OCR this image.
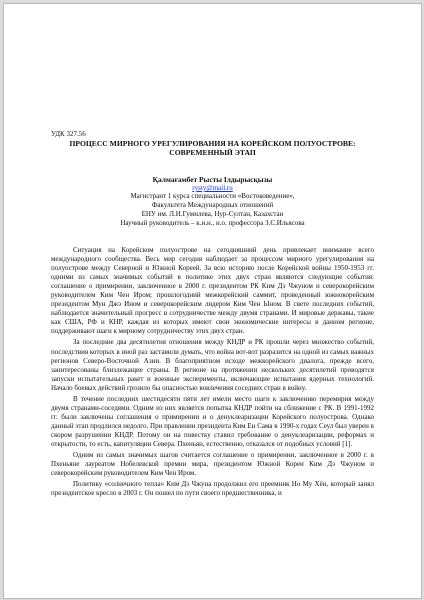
УДК 327.56
ПРОЦЕСС МИРНОГО УРЕГУЛИРОВАНИЯ НА КОРЕЙСКОМ ПОЛУОСТРОВЕ:
СОВРЕМЕННЫЙ ЭТАП
Қалмағамбет Рысты Ілдырысқызы
rysty@mail.ru
Магистрант 1 курса специальности «Востоковедение»,
Факультета Международных отношений
ЕНУ им. Л.Н.Гумилева, Нур-Султан, Казахстан
Научный руководитель – к.и.н., и.о. профессора З.С.Ильясова

Ситуация на Корейском полуострове на сегодняшний день привлекает внимание всего международного сообщества. Весь мир сегодня наблюдает за процессом мирного урегулирования на полуострове между Северной и Южной Кореей. За всю историю после Корейской войны 1950-1953 гг. одними из самых значимых событий в политике этих двух стран являются следующие события: соглашение о примирении, заключенное в 2000 г. президентом РК Ким Дэ Чжуном и северокорейским руководителем Ким Чен Иром; прошлогодний межкорейский саммит, проведенный южнокорейским президентом Мун Джэ Ином и северокорейским лидером Ким Чен Ыном. В свете последних событий, наблюдается значительный прогресс в сотрудничестве между двумя странами. И мировые державы, такие как США, РФ и КНР, каждая из которых имеют свои экономические интересы в данном регионе, поддерживают шаги к мирному сотрудничеству этих двух стран.

За последние два десятилетия отношения между КНДР и РК прошли через множество событий, последствия которых в иной раз заставили думать, что война вот-вот разразится на одной из самых важных регионов Северо-Восточной Азии. В благоприятном исходе межкорейского диалога, прежде всего, заинтересованы близлежащие страны. В регионе на протяжении нескольких десятилетий проводятся запуски испытательных ракет и военные эксперименты, включающие испытания ядерных технологий. Начало боевых действий грозило бы опасностью вовлечения соседних стран в войну.

В течение последних шестидесяти пяти лет имели место шаги к заключению перемирия между двумя странами-соседями. Одним из них является попытка КНДР пойти на сближение с РК. В 1991-1992 гг. были заключены соглашения о примирении и о денуклеаризации Корейского полуострова. Однако данный этап продлился недолго. При правлении президента Ким Ен Сама в 1990-х годах Сеул был уверен в скором разрушении КНДР. Потому он на повестку ставил требование о денуклеаризации, реформах и открытости, то есть, капитуляции Севера. Пхеньян, естественно, отказался от подобных условий [1].

Одним из самых значимых шагов считается соглашение о примирении, заключенное в 2000 г. в Пхеньяне лауреатом Нобелевской премии мира, президентом Южной Кореи Ким Дэ Чжуном и северокорейским руководителем Ким Чен Иром.

Политику «солнечного тепла» Ким Дэ Чжуна продолжил его преемник Но Му Хён, который занял президентское кресло в 2003 г. Он пошел по пути своего предшественника, и
